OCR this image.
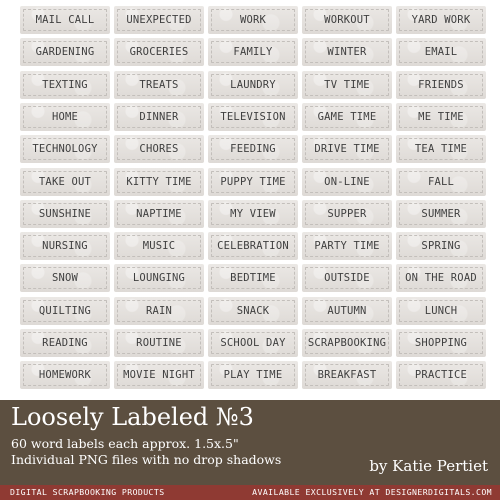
MAIL CALL	UNEXPECTED	WORK	WORKOUT	YARD WORK
GARDENING	GROCERIES	FAMILY	WINTER	EMAIL
TEXTING	TREATS	LAUNDRY	TV TIME	FRIENDS
HOME	DINNER	TELEVISION	GAME TIME	ME TIME
TECHNOLOGY	CHORES	FEEDING	DRIVE TIME	TEA TIME
TAKE OUT	KITTY TIME	PUPPY TIME	ON-LINE	FALL
SUNSHINE	NAPTIME	MY VIEW	SUPPER	SUMMER
NURSING	MUSIC	CELEBRATION	PARTY TIME	SPRING
SNOW	LOUNGING	BEDTIME	OUTSIDE	ON THE ROAD
QUILTING	RAIN	SNACK	AUTUMN	LUNCH
READING	ROUTINE	SCHOOL DAY	SCRAPBOOKING	SHOPPING
HOMEWORK	MOVIE NIGHT	PLAY TIME	BREAKFAST	PRACTICE
Loosely Labeled №3
60 word labels each approx. 1.5x.5"
Individual PNG files with no drop shadows	by Katie Pertiet
DIGITAL SCRAPBOOKING PRODUCTS	AVAILABLE EXCLUSIVELY AT DESIGNERDIGITALS.COM
